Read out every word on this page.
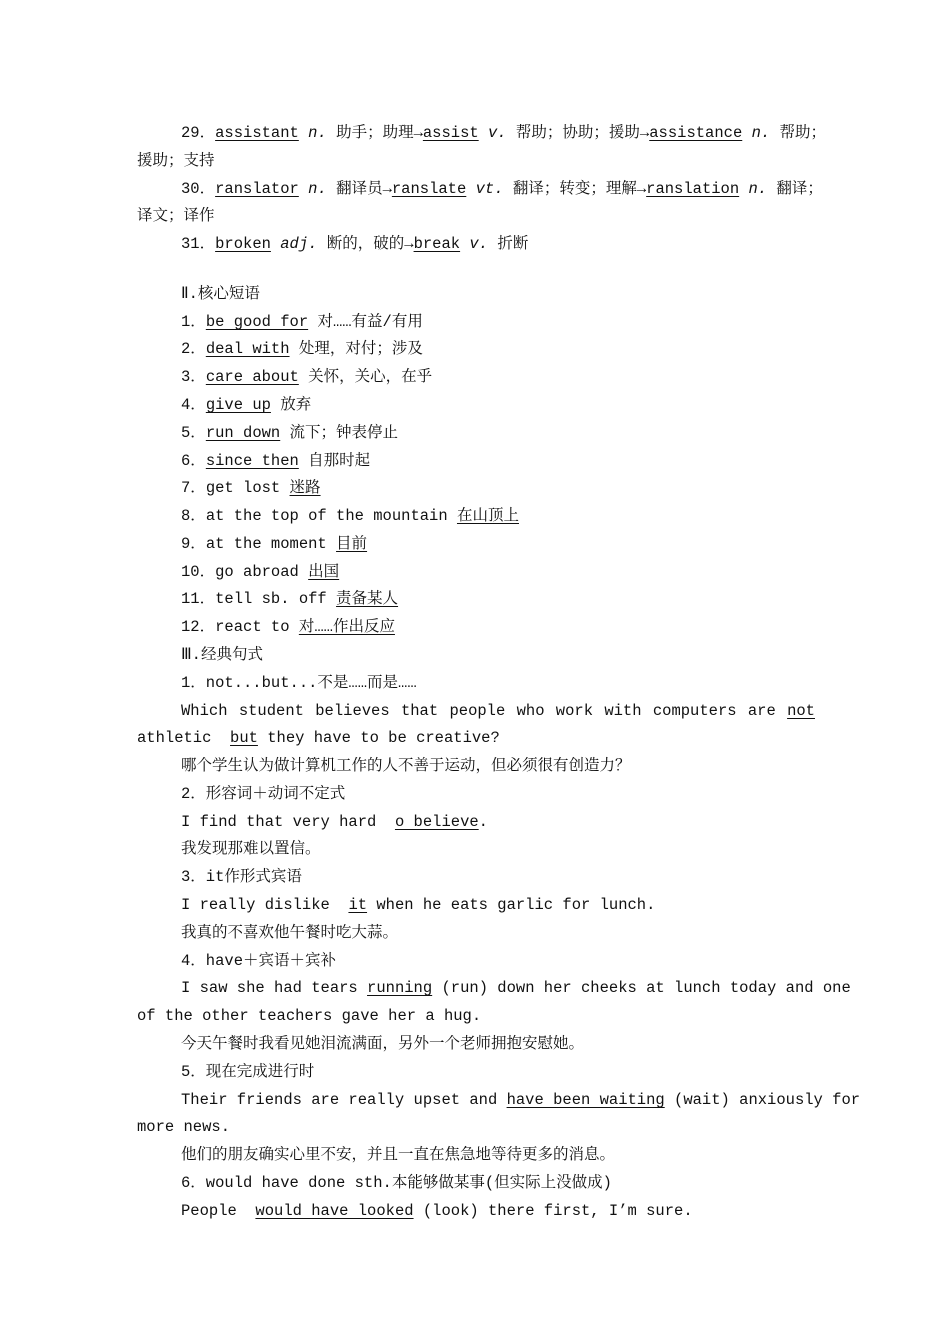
29．assistant n. 助手；助理→assist v. 帮助；协助；援助→assistance n. 帮助；
援助；支持
30．ranslator n. 翻译员→ranslate vt. 翻译；转变；理解→ranslation n. 翻译；
译文；译作
31．broken adj. 断的，破的→break v. 折断
Ⅱ.核心短语
1．be good for 对……有益/有用
2．deal with 处理，对付；涉及
3．care about 关怀，关心，在乎
4．give up 放弃
5．run down 流下；钟表停止
6．since then 自那时起
7．get lost 迷路
8．at the top of the mountain 在山顶上
9．at the moment 目前
10．go abroad 出国
11．tell sb. off 责备某人
12．react to 对……作出反应
Ⅲ.经典句式
1．not...but...不是……而是……
Which student believes that people who work with computers are not
athletic but they have to be creative?
哪个学生认为做计算机工作的人不善于运动，但必须很有创造力？
2．形容词＋动词不定式
I find that very hard o believe.
我发现那难以置信。
3．it作形式宾语
I really dislike it when he eats garlic for lunch.
我真的不喜欢他午餐时吃大蒜。
4．have＋宾语＋宾补
I saw she had tears running (run) down her cheeks at lunch today and one
of the other teachers gave her a hug.
今天午餐时我看见她泪流满面，另外一个老师拥抱安慰她。
5．现在完成进行时
Their friends are really upset and have been waiting (wait) anxiously for
more news.
他们的朋友确实心里不安，并且一直在焦急地等待更多的消息。
6．would have done sth.本能够做某事(但实际上没做成)
People would have looked (look) there first, I’m sure.
